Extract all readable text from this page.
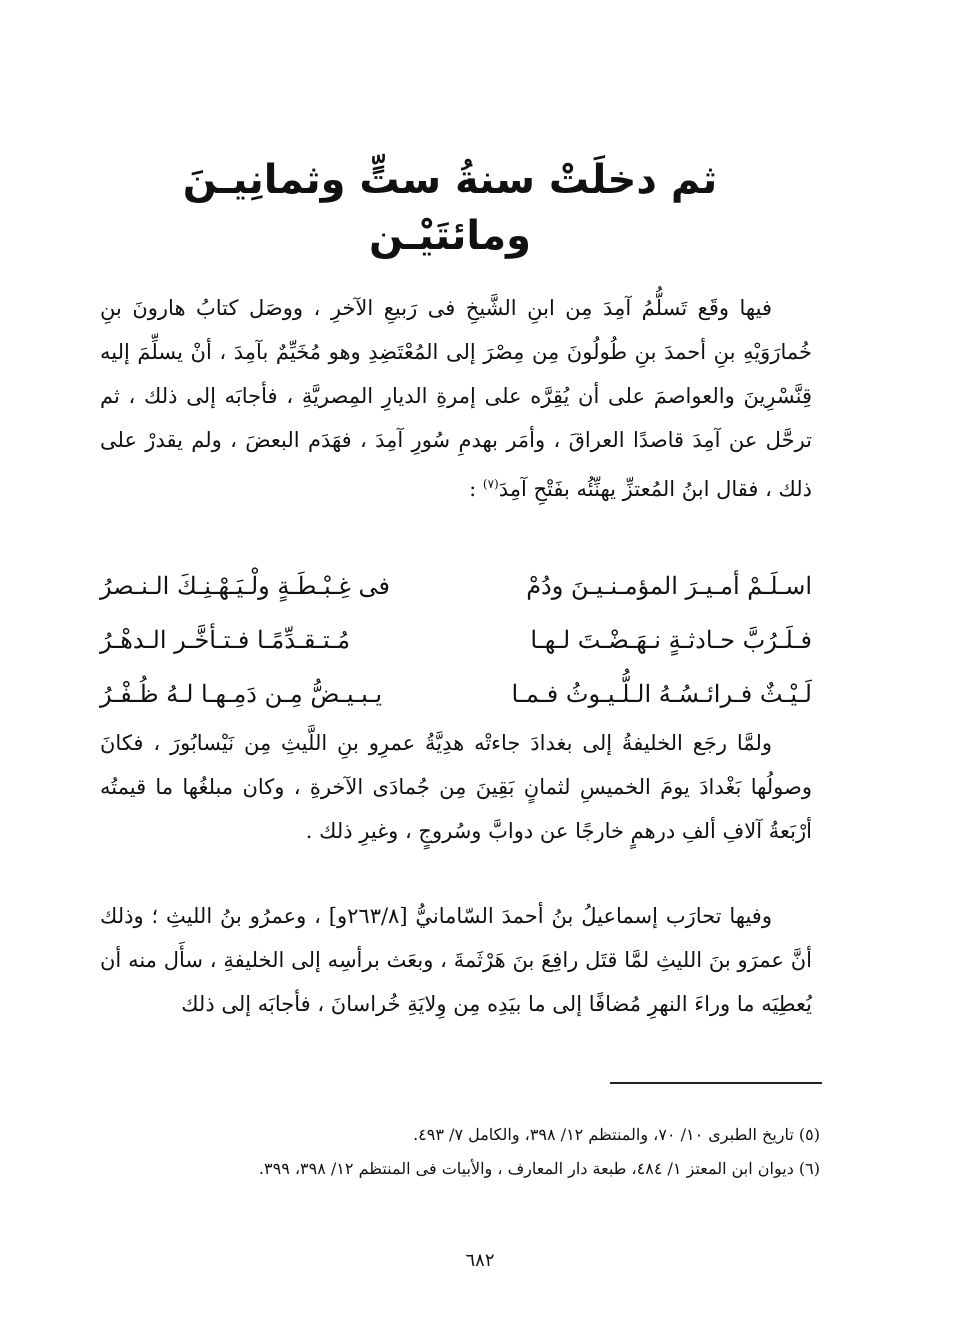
ثم دخلَتْ سنةُ ستٍّ وثمانِيـنَ ومائتَيْـن

فيها وقَع تَسلُّمُ آمِدَ مِن ابنِ الشَّيخِ فى رَبيعِ الآخرِ ، ووصَل كتابُ هارونَ بنِ خُمارَوَيْهِ بنِ أحمدَ بنِ طُولُونَ مِن مِصْرَ إلى المُعْتَضِدِ وهو مُخَيِّمٌ بآمِدَ ، أنْ يسلِّمَ إليه قِنَّسْرِينَ والعواصمَ على أن يُقِرَّه على إمرةِ الديارِ المِصريَّةِ ، فأجابَه إلى ذلك ، ثم ترحَّل عن آمِدَ قاصدًا العراقَ ، وأمَر بهدمِ سُورِ آمِدَ ، فهَدَم البعضَ ، ولم يقدرْ على ذلك ، فقال ابنُ المُعتزِّ يهنِّئُه بفَتْحِ آمِدَ$^{(٧)}$ :

اسـلَـمْ أمـيـرَ المؤمـنـيـنَ ودُمْ
فى غِـبْـطَـةٍ ولْـيَـهْـنِـكَ الـنـصرُ
فـلَـرُبَّ حـادثـةٍ نـهَـضْـتَ لـهـا
مُـتـقـدِّمًـا فـتـأخَّـر الـدهْـرُ
لَـيْـثٌ فـرائـسُـهُ الـلُّـيـوثُ فـمـا
يـبـيـضُّ مِـن دَمِـهـا لـهُ ظُـفْـرُ

ولمَّا رجَع الخليفةُ إلى بغدادَ جاءتْه هدِيَّةُ عمرِو بنِ اللَّيثِ مِن نَيْسابُورَ ، فكانَ وصولُها بَغْدادَ يومَ الخميسِ لثمانٍ بَقِينَ مِن جُمادَى الآخرةِ ، وكان مبلغُها ما قيمتُه أرْبَعةُ آلافِ ألفِ درهمٍ خارجًا عن دوابَّ وسُروجٍ ، وغيرِ ذلك .

وفيها تحارَب إسماعيلُ بنُ أحمدَ السّامانيُّ [٢٦٣/٨و] ، وعمرُو بنُ الليثِ ؛ وذلك أنَّ عمرَو بنَ الليثِ لمَّا قتَل رافِعَ بنَ هَرْثَمةَ ، وبعَث برأسِه إلى الخليفةِ ، سأَل منه أن يُعطِيَه ما وراءَ النهرِ مُضافًا إلى ما بيَدِه مِن وِلايَةِ خُراسانَ ، فأجابَه إلى ذلك

(٥) تاريخ الطبرى ١٠/ ٧٠، والمنتظم ١٢/ ٣٩٨، والكامل ٧/ ٤٩٣.

(٦) ديوان ابن المعتز ١/ ٤٨٤، طبعة دار المعارف ، والأبيات فى المنتظم ١٢/ ٣٩٨، ٣٩٩.

٦٨٢
